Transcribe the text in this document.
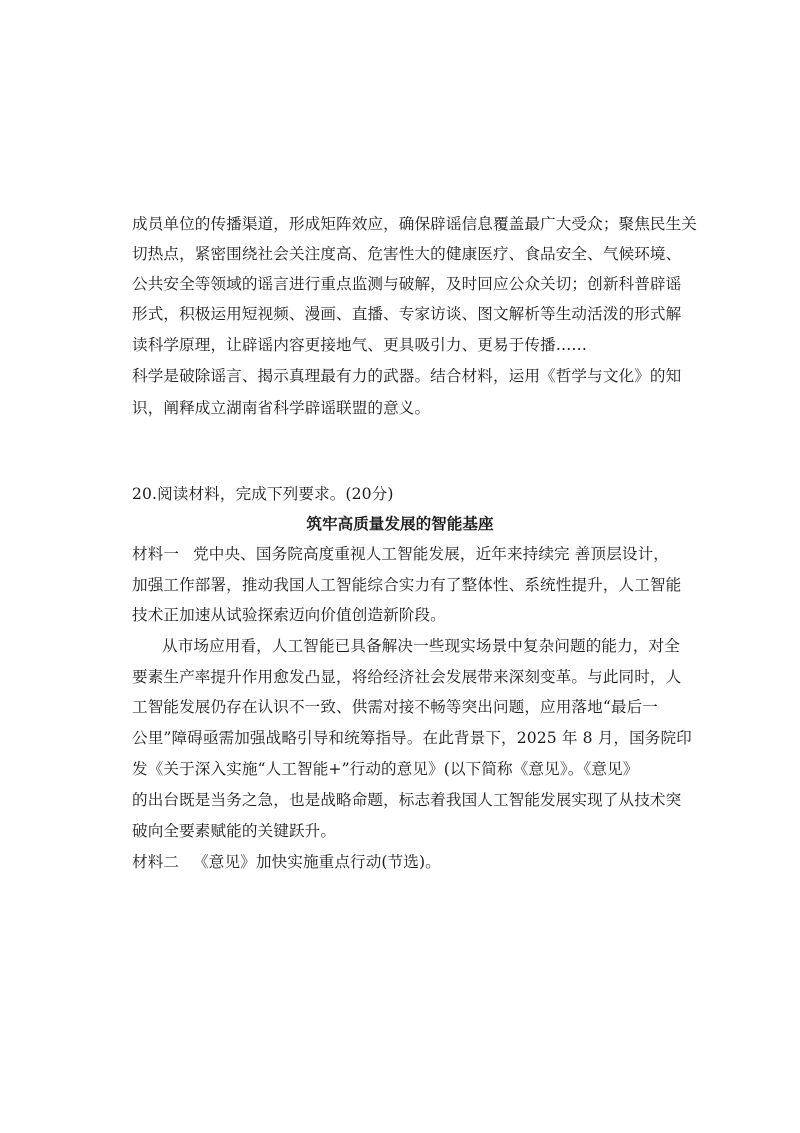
成员单位的传播渠道，形成矩阵效应，确保辟谣信息覆盖最广大受众；聚焦民生关
切热点，紧密围绕社会关注度高、危害性大的健康医疗、食品安全、气候环境、
公共安全等领域的谣言进行重点监测与破解，及时回应公众关切；创新科普辟谣
形式，积极运用短视频、漫画、直播、专家访谈、图文解析等生动活泼的形式解
读科学原理，让辟谣内容更接地气、更具吸引力、更易于传播……
科学是破除谣言、揭示真理最有力的武器。结合材料，运用《哲学与文化》的知
识，阐释成立湖南省科学辟谣联盟的意义。
20.阅读材料，完成下列要求。(20分)
筑牢高质量发展的智能基座
材料一 党中央、国务院高度重视人工智能发展，近年来持续完 善顶层设计，
加强工作部署，推动我国人工智能综合实力有了整体性、系统性提升，人工智能
技术正加速从试验探索迈向价值创造新阶段。
从市场应用看，人工智能已具备解决一些现实场景中复杂问题的能力，对全
要素生产率提升作用愈发凸显，将给经济社会发展带来深刻变革。与此同时，人
工智能发展仍存在认识不一致、供需对接不畅等突出问题，应用落地“最后一
公里”障碍亟需加强战略引导和统筹指导。在此背景下，2025 年 8 月，国务院印
发《关于深入实施“人工智能+”行动的意见》(以下简称《意见》。《意见》
的出台既是当务之急，也是战略命题，标志着我国人工智能发展实现了从技术突
破向全要素赋能的关键跃升。
材料二 《意见》加快实施重点行动(节选)。
